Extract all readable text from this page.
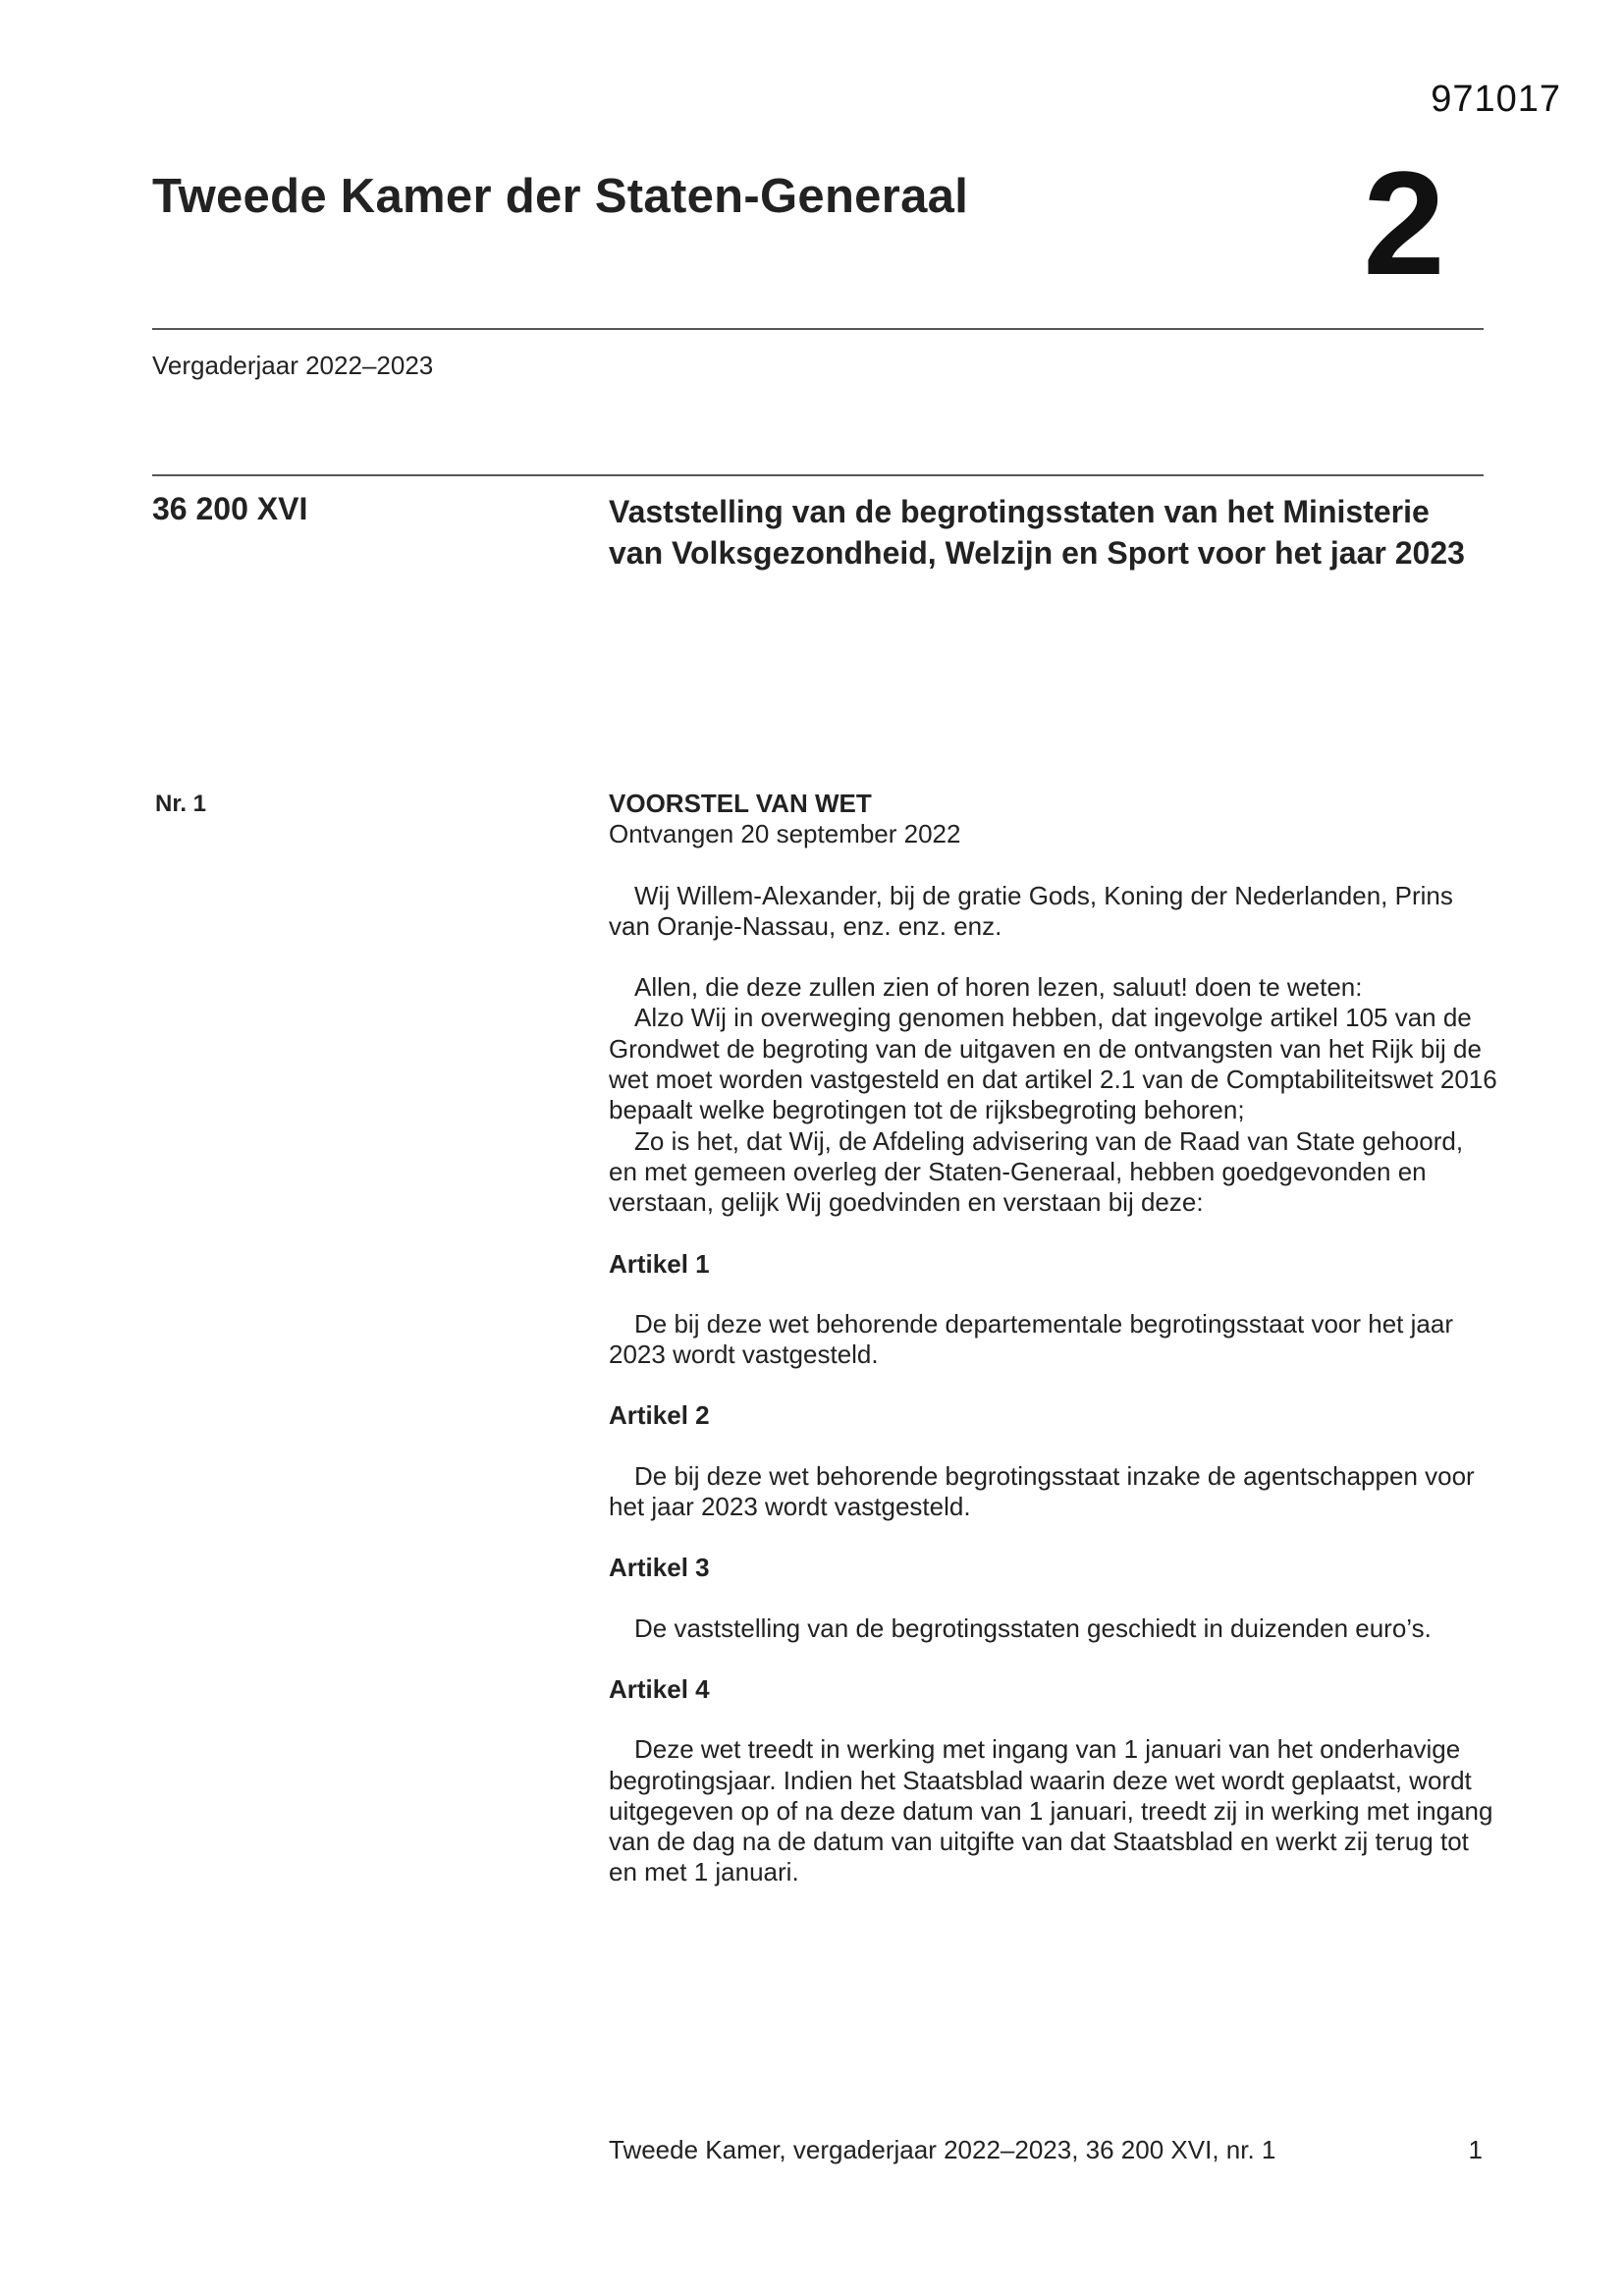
971017
Tweede Kamer der Staten-Generaal	2
Vergaderjaar 2022–2023
36 200 XVI	Vaststelling van de begrotingsstaten van het Ministerie
van Volksgezondheid, Welzijn en Sport voor het jaar 2023
Nr. 1	VOORSTEL VAN WET

Ontvangen 20 september 2022

Wij Willem-Alexander, bij de gratie Gods, Koning der Nederlanden, Prins van Oranje-Nassau, enz. enz. enz.

Allen, die deze zullen zien of horen lezen, saluut! doen te weten:

Alzo Wij in overweging genomen hebben, dat ingevolge artikel 105 van de Grondwet de begroting van de uitgaven en de ontvangsten van het Rijk bij de wet moet worden vastgesteld en dat artikel 2.1 van de Comptabiliteitswet 2016 bepaalt welke begrotingen tot de rijksbegroting behoren;

Zo is het, dat Wij, de Afdeling advisering van de Raad van State gehoord, en met gemeen overleg der Staten-Generaal, hebben goedgevonden en verstaan, gelijk Wij goedvinden en verstaan bij deze:

Artikel 1

De bij deze wet behorende departementale begrotingsstaat voor het jaar 2023 wordt vastgesteld.

Artikel 2

De bij deze wet behorende begrotingsstaat inzake de agentschappen voor het jaar 2023 wordt vastgesteld.

Artikel 3

De vaststelling van de begrotingsstaten geschiedt in duizenden euro’s.

Artikel 4

Deze wet treedt in werking met ingang van 1 januari van het onderhavige begrotingsjaar. Indien het Staatsblad waarin deze wet wordt geplaatst, wordt uitgegeven op of na deze datum van 1 januari, treedt zij in werking met ingang van de dag na de datum van uitgifte van dat Staatsblad en werkt zij terug tot en met 1 januari.

Tweede Kamer, vergaderjaar 2022–2023, 36 200 XVI, nr. 1	1
